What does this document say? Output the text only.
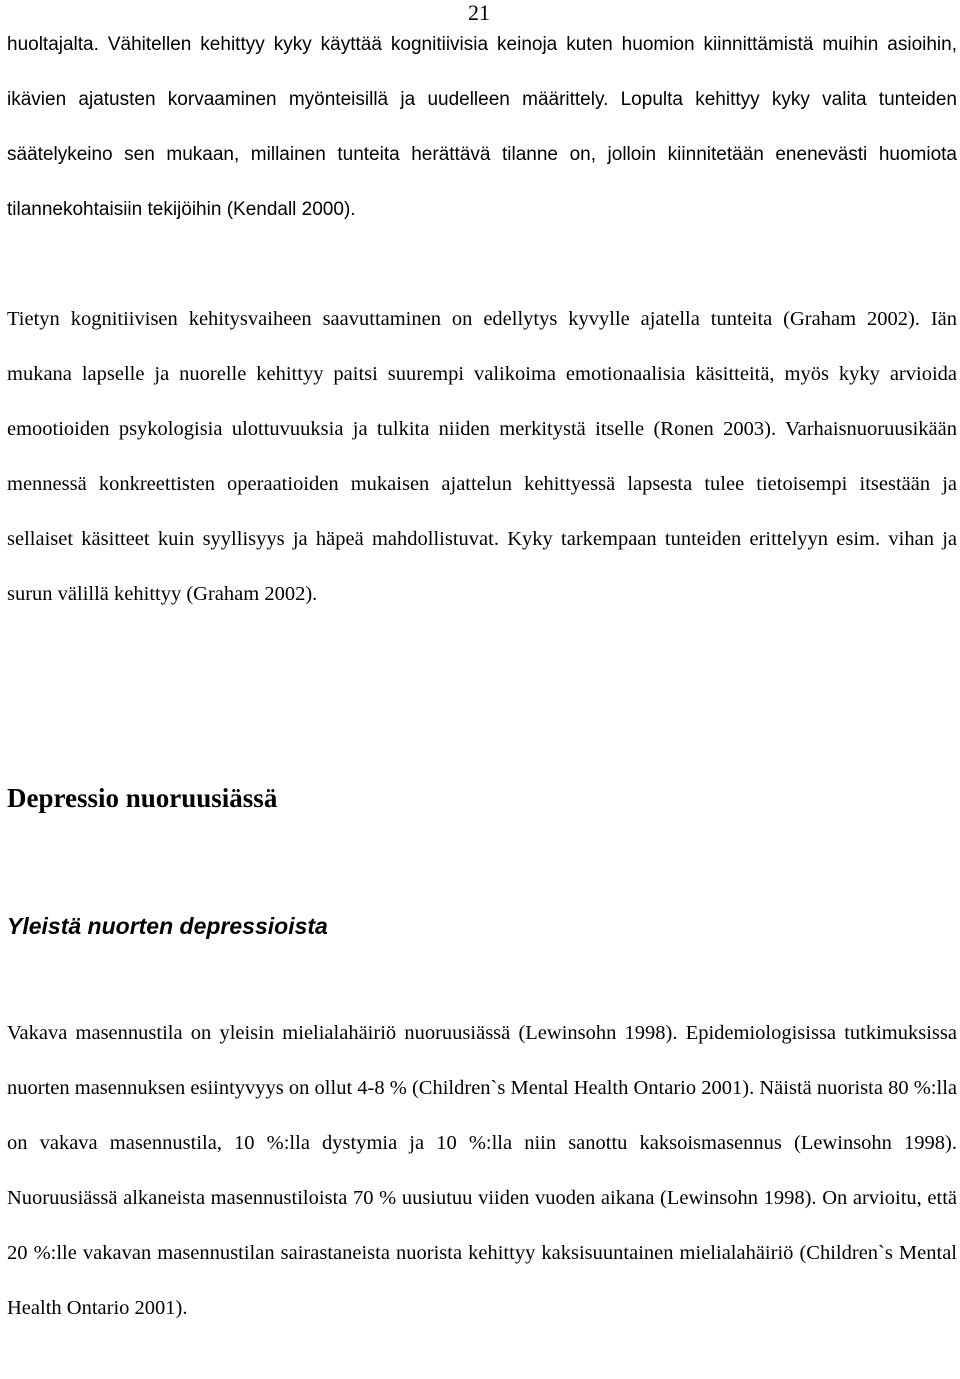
21

huoltajalta. Vähitellen kehittyy kyky käyttää kognitiivisia keinoja kuten huomion kiinnittämistä muihin asioihin, ikävien ajatusten korvaaminen myönteisillä ja uudelleen määrittely. Lopulta kehittyy kyky valita tunteiden säätelykeino sen mukaan, millainen tunteita herättävä tilanne on, jolloin kiinnitetään enenevästi huomiota tilannekohtaisiin tekijöihin (Kendall 2000).

Tietyn kognitiivisen kehitysvaiheen saavuttaminen on edellytys kyvylle ajatella tunteita (Graham 2002). Iän mukana lapselle ja nuorelle kehittyy paitsi suurempi valikoima emotionaalisia käsitteitä, myös kyky arvioida emootioiden psykologisia ulottuvuuksia ja tulkita niiden merkitystä itselle (Ronen 2003). Varhaisnuoruusikään mennessä konkreettisten operaatioiden mukaisen ajattelun kehittyessä lapsesta tulee tietoisempi itsestään ja sellaiset käsitteet kuin syyllisyys ja häpeä mahdollistuvat. Kyky tarkempaan tunteiden erittelyyn esim. vihan ja surun välillä kehittyy (Graham 2002).

Depressio nuoruusiässä
Yleistä nuorten depressioista

Vakava masennustila on yleisin mielialahäiriö nuoruusiässä (Lewinsohn 1998). Epidemiologisissa tutkimuksissa nuorten masennuksen esiintyvyys on ollut 4-8 % (Children`s Mental Health Ontario 2001). Näistä nuorista 80 %:lla on vakava masennustila, 10 %:lla dystymia ja 10 %:lla niin sanottu kaksoismasennus (Lewinsohn 1998). Nuoruusiässä alkaneista masennustiloista 70 % uusiutuu viiden vuoden aikana (Lewinsohn 1998). On arvioitu, että 20 %:lle vakavan masennustilan sairastaneista nuorista kehittyy kaksisuuntainen mielialahäiriö (Children`s Mental Health Ontario 2001).
